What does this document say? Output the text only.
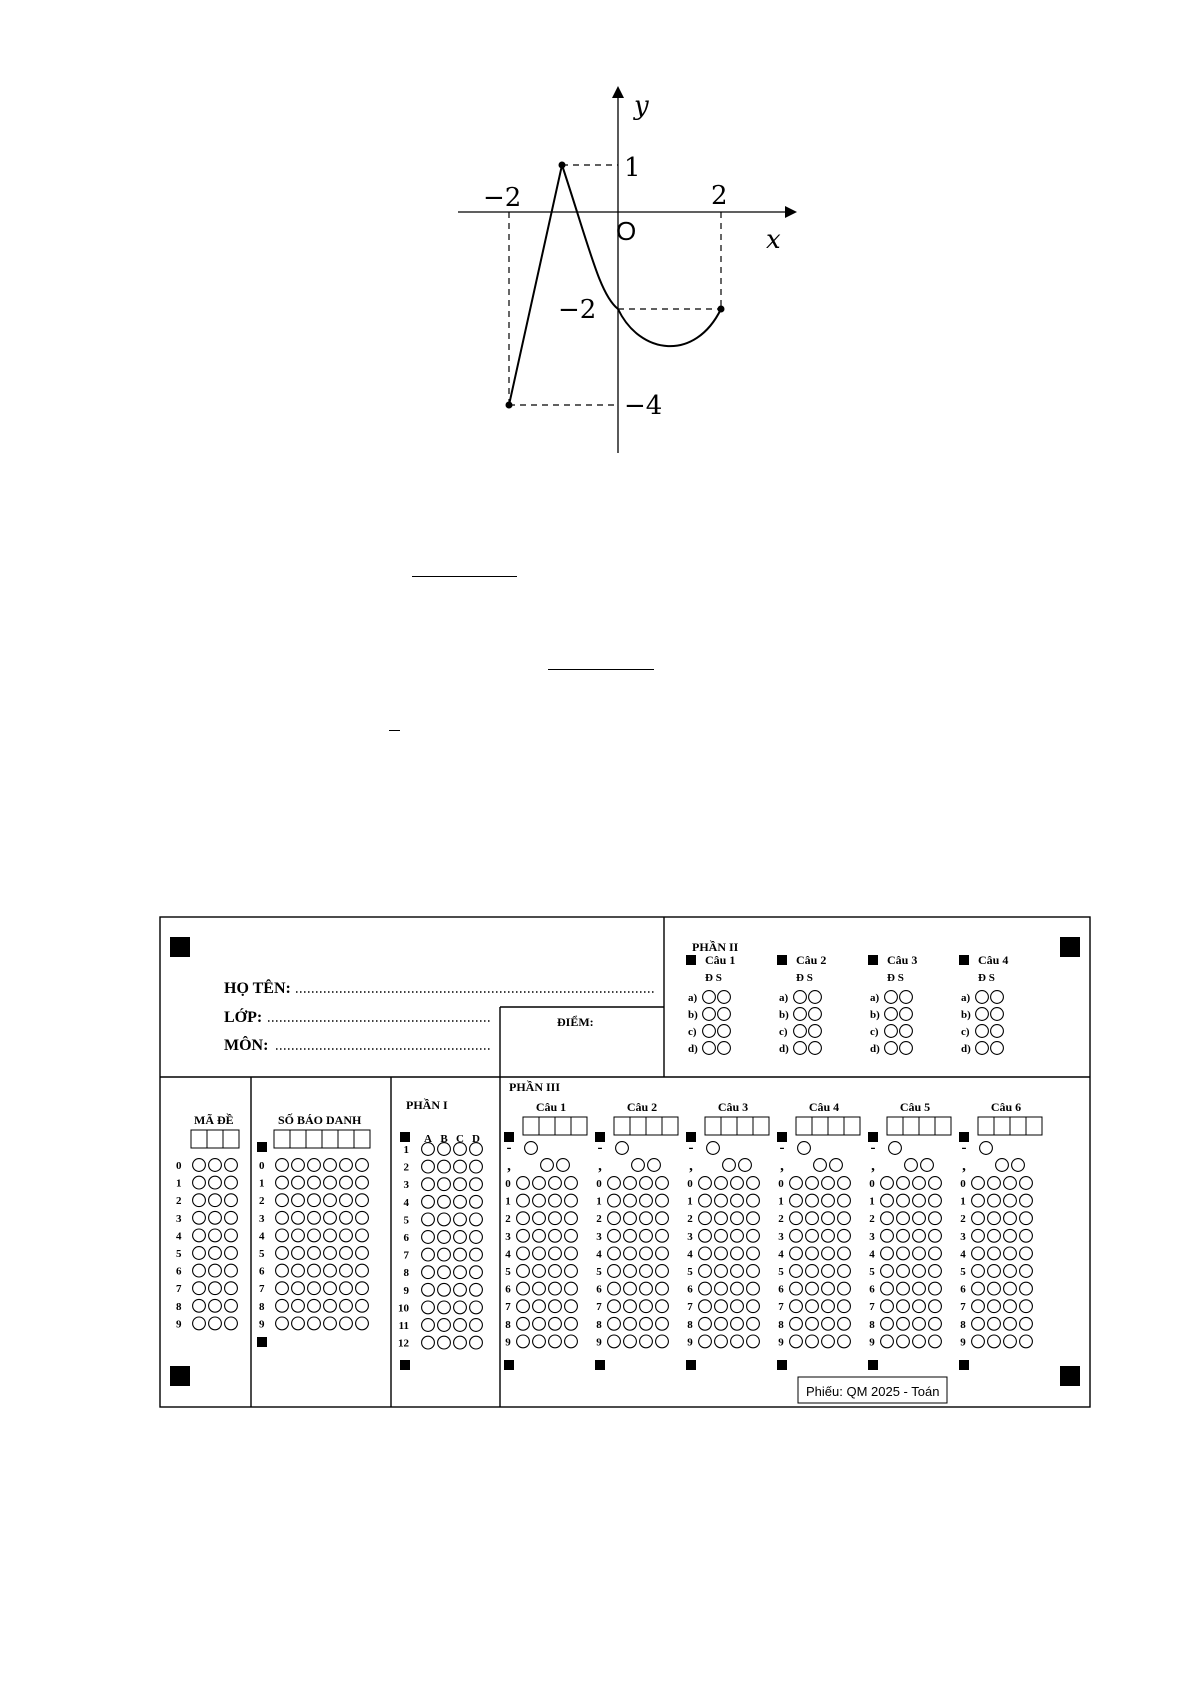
x
y
O
1
−2
−4
−2	2
HỌ TÊN:
LỚP:
MÔN:
ĐIỂM:
PHẦN II
MÃ ĐỀ	SỐ BÁO DANH
PHẦN I
PHẦN III
Phiếu: QM 2025 - Toán
Câu 1
Đ S
a)
b)
c)
d)
Câu 2
Đ S
a)
b)
c)
d)
Câu 3
Đ S
a)
b)
c)
d)
Câu 4
Đ S
a)
b)
c)
d)
0
1
2
3
4
5
6
7
8
9
0
1
2
3
4
5
6
7
8
9
A B C D
1
2
3
4
5
6
7
8
9
10
11
12
Câu 1
-
,
0
1
2
3
4
5
6
7
8
9
Câu 2
-
,
0
1
2
3
4
5
6
7
8
9
Câu 3
-
,
0
1
2
3
4
5
6
7
8
9
Câu 4
-
,
0
1
2
3
4
5
6
7
8
9
Câu 5
-
,
0
1
2
3
4
5
6
7
8
9
Câu 6
-
,
0
1
2
3
4
5
6
7
8
9
